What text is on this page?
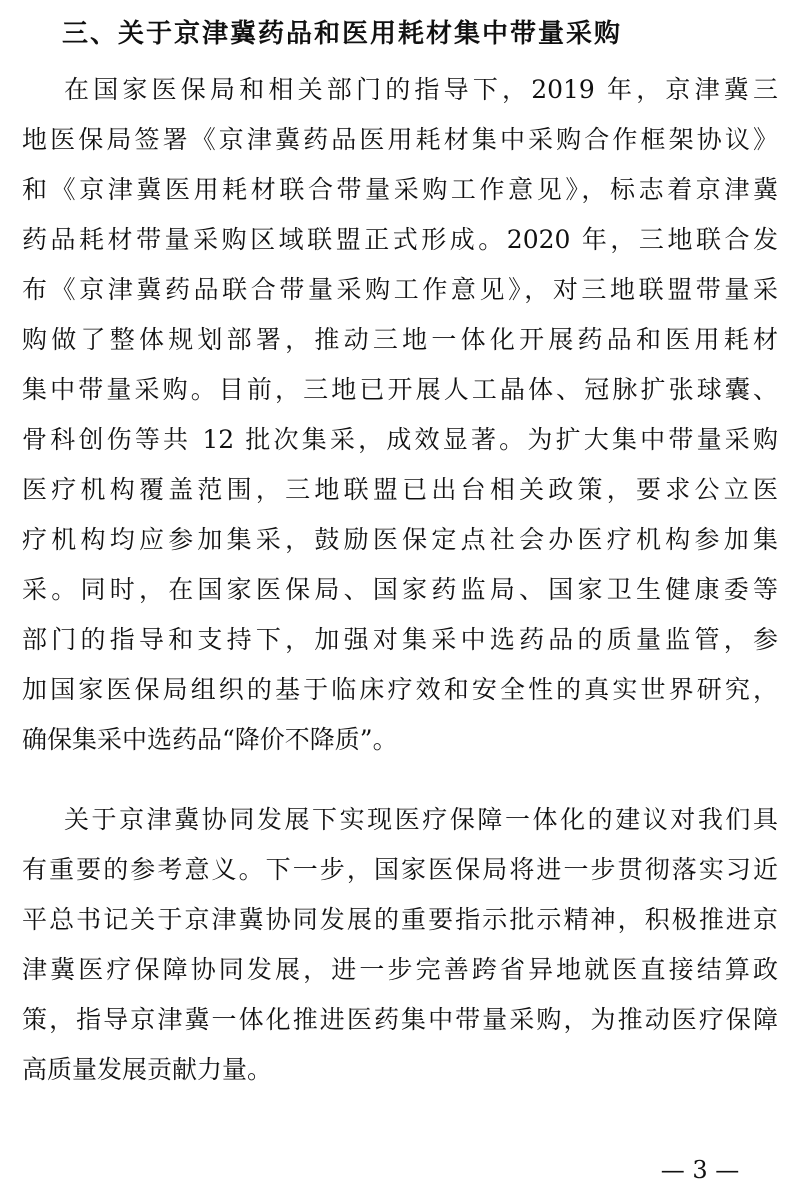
三、关于京津冀药品和医用耗材集中带量采购
在国家医保局和相关部门的指导下，2019 年，京津冀三
地医保局签署《京津冀药品医用耗材集中采购合作框架协议》
和《京津冀医用耗材联合带量采购工作意见》，标志着京津冀
药品耗材带量采购区域联盟正式形成。2020 年，三地联合发
布《京津冀药品联合带量采购工作意见》，对三地联盟带量采
购做了整体规划部署，推动三地一体化开展药品和医用耗材
集中带量采购。目前，三地已开展人工晶体、冠脉扩张球囊、
骨科创伤等共 12 批次集采，成效显著。为扩大集中带量采购
医疗机构覆盖范围，三地联盟已出台相关政策，要求公立医
疗机构均应参加集采，鼓励医保定点社会办医疗机构参加集
采。同时，在国家医保局、国家药监局、国家卫生健康委等
部门的指导和支持下，加强对集采中选药品的质量监管，参
加国家医保局组织的基于临床疗效和安全性的真实世界研究，
确保集采中选药品“降价不降质”。
关于京津冀协同发展下实现医疗保障一体化的建议对我们具
有重要的参考意义。下一步，国家医保局将进一步贯彻落实习近
平总书记关于京津冀协同发展的重要指示批示精神，积极推进京
津冀医疗保障协同发展，进一步完善跨省异地就医直接结算政
策，指导京津冀一体化推进医药集中带量采购，为推动医疗保障
高质量发展贡献力量。
— 3 —
